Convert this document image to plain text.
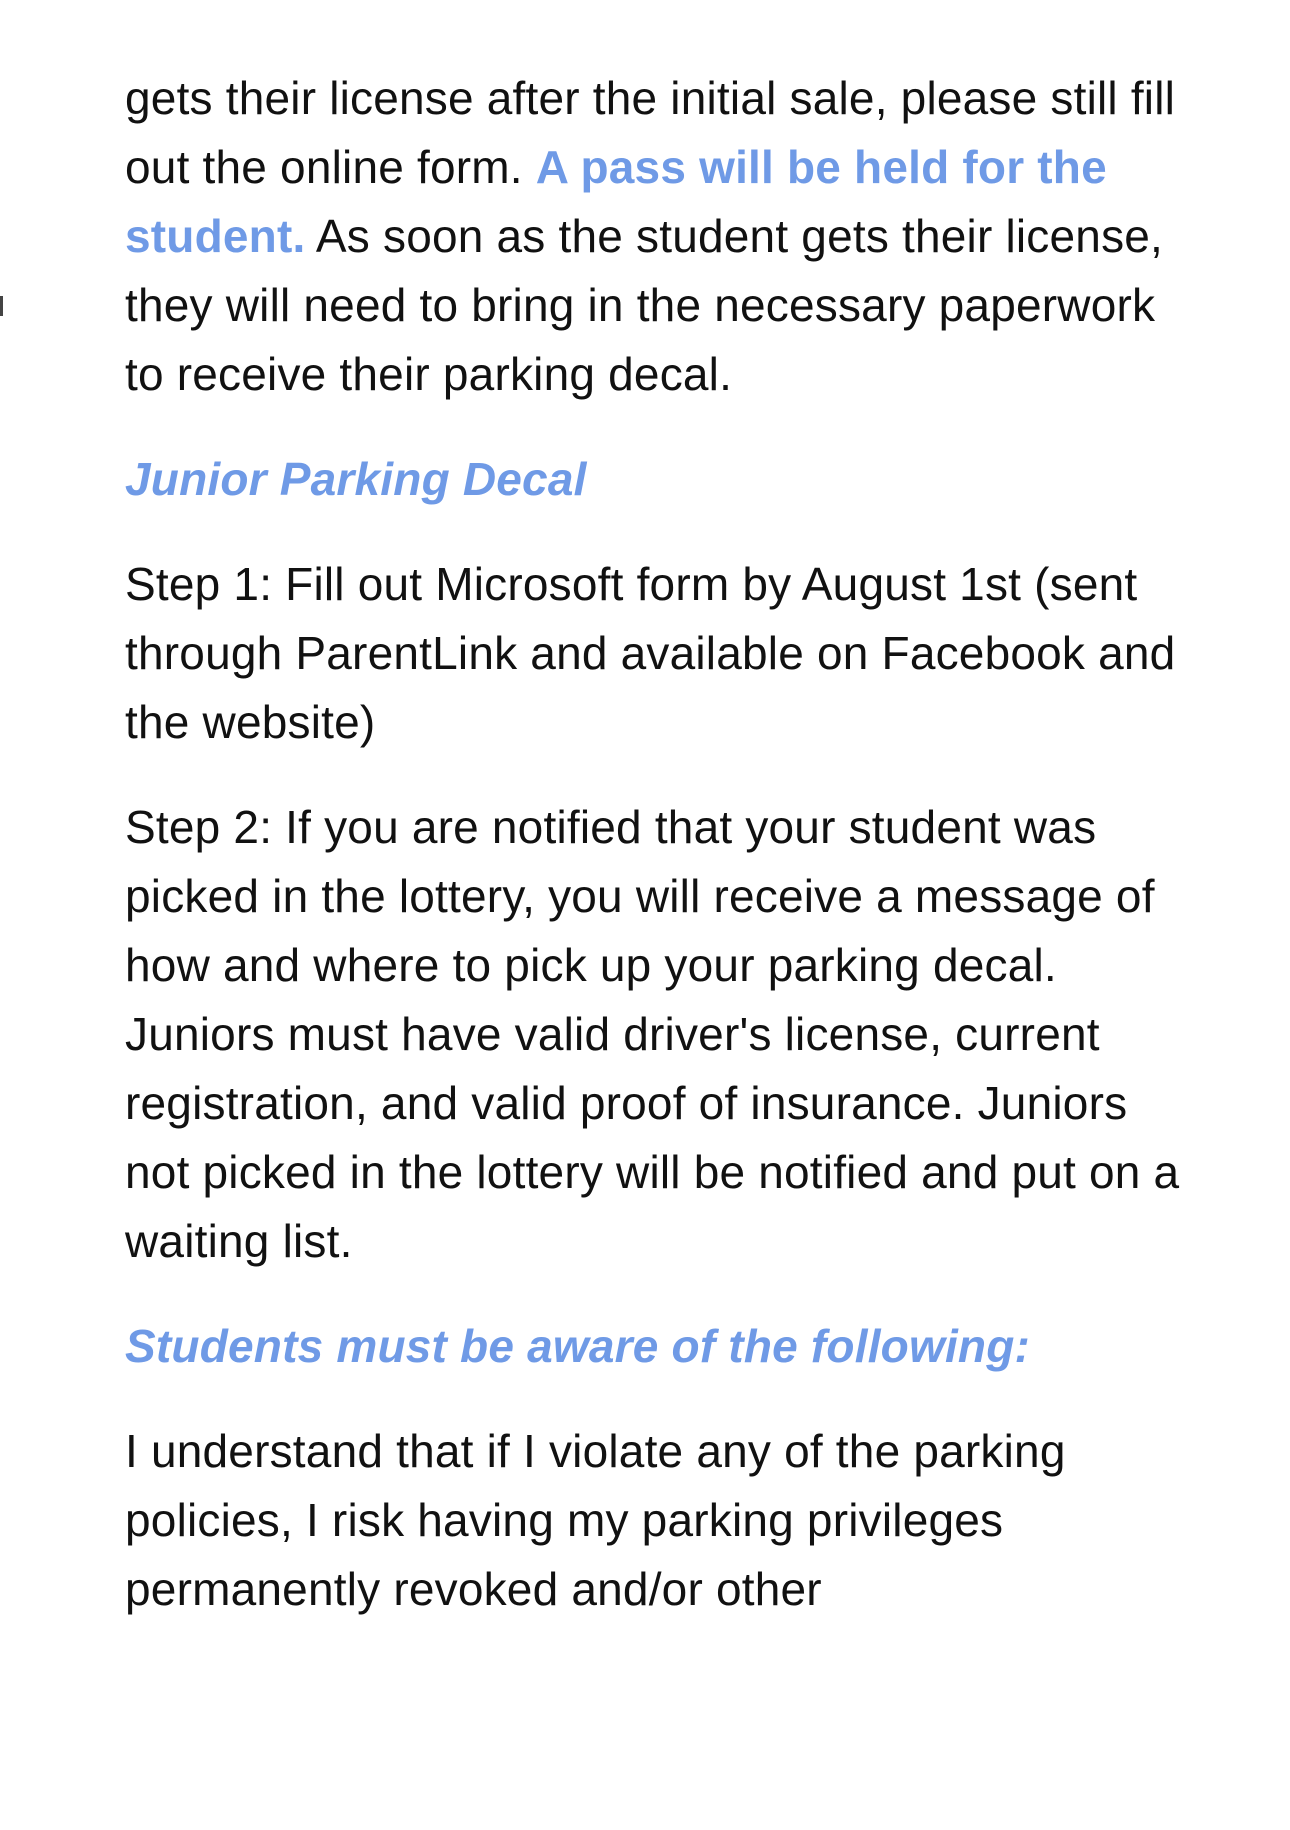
gets their license after the initial sale, please still fill out the online form. A pass will be held for the student. As soon as the student gets their license, they will need to bring in the necessary paperwork to receive their parking decal.

Junior Parking Decal

Step 1: Fill out Microsoft form by August 1st (sent through ParentLink and available on Facebook and the website)

Step 2: If you are notified that your student was picked in the lottery, you will receive a message of how and where to pick up your parking decal. Juniors must have valid driver's license, current registration, and valid proof of insurance. Juniors not picked in the lottery will be notified and put on a waiting list.

Students must be aware of the following:

I understand that if I violate any of the parking policies, I risk having my parking privileges permanently revoked and/or other
